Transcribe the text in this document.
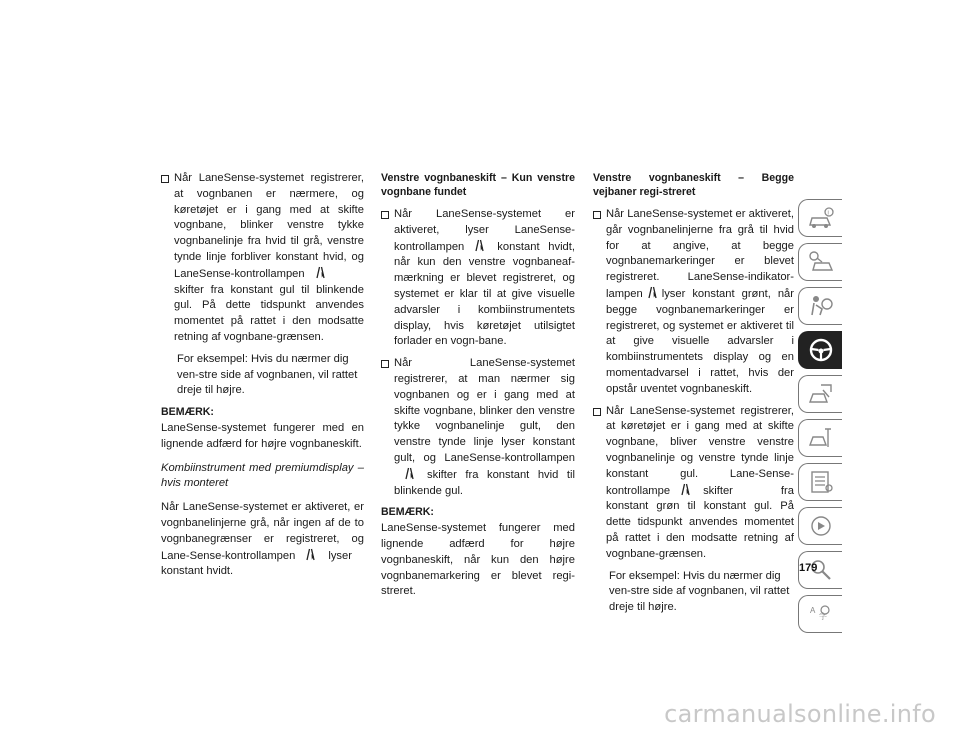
Når LaneSense-systemet registrerer, at vognbanen er nærmere, og køretøjet er i gang med at skifte vognbane, blinker venstre tykke vognbanelinje fra hvid til grå, venstre tynde linje forbliver konstant hvid, og LaneSense-kontrollampen
skifter fra konstant gul til blinkende gul. På dette tidspunkt anvendes momentet på rattet i den modsatte retning af vognbane-grænsen.

For eksempel: Hvis du nærmer dig ven-stre side af vognbanen, vil rattet dreje til højre.

BEMÆRK:

LaneSense-systemet fungerer med en lignende adfærd for højre vognbaneskift.

Kombiinstrument med premiumdisplay – hvis monteret

Når LaneSense-systemet er aktiveret, er vognbanelinjerne grå, når ingen af de to vognbanegrænser er registreret, og Lane-Sense-kontrollampen	lyser konstant hvidt.

Venstre vognbaneskift – Kun venstre vognbane fundet

Når LaneSense-systemet er aktiveret, lyser LaneSense-kontrollampen	konstant hvidt, når kun den venstre vognbaneaf-mærkning er blevet registreret, og systemet er klar til at give visuelle advarsler i kombiinstrumentets display, hvis køretøjet utilsigtet forlader en vogn-bane.

Når LaneSense-systemet registrerer, at man nærmer sig vognbanen og er i gang med at skifte vognbane, blinker den venstre tykke vognbanelinje gult, den venstre tynde linje lyser konstant gult, og LaneSense-kontrollampen
skifter fra konstant hvid til blinkende gul.

BEMÆRK:

LaneSense-systemet fungerer med lignende adfærd for højre vognbaneskift, når kun den højre vognbanemarkering er blevet regi-streret.

Venstre vognbaneskift – Begge vejbaner regi-streret

Når LaneSense-systemet er aktiveret, går vognbanelinjerne fra grå til hvid for at angive, at begge vognbanemarkeringer er blevet registreret. LaneSense-indikator-lampen lyser konstant grønt, når begge vognbanemarkeringer er registreret, og systemet er aktiveret til at give visuelle advarsler i kombiinstrumentets display og en momentadvarsel i rattet, hvis der opstår uventet vognbaneskift.

Når LaneSense-systemet registrerer, at køretøjet er i gang med at skifte vognbane, bliver venstre venstre vognbanelinje og venstre tynde linje konstant gul. Lane-Sense-kontrollampe	skifter fra konstant grøn til konstant gul. På dette tidspunkt anvendes momentet på rattet i den modsatte retning af vognbane-grænsen.

For eksempel: Hvis du nærmer dig ven-stre side af vognbanen, vil rattet dreje til højre.

i
A
字
179
carmanualsonline.info
